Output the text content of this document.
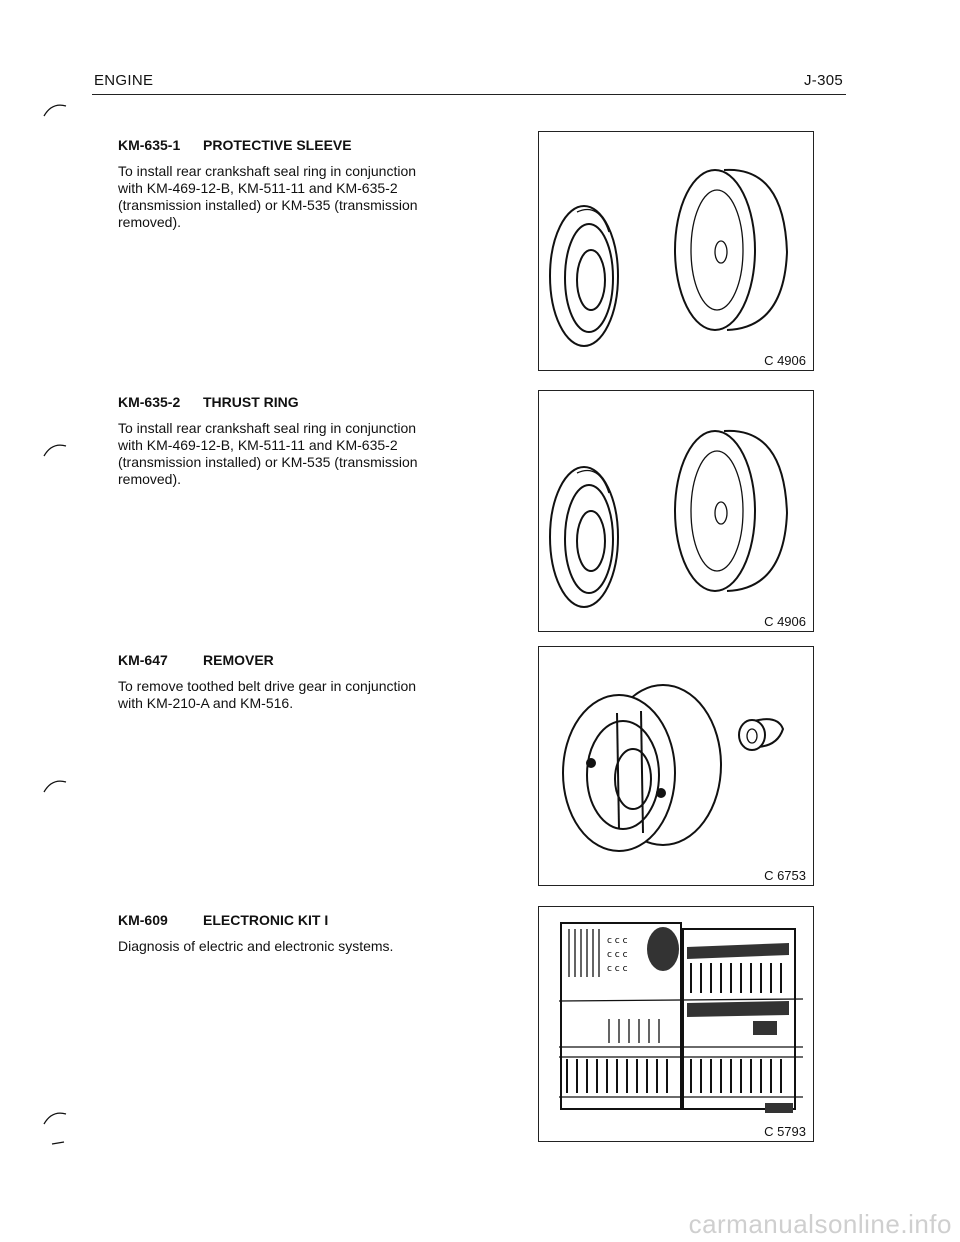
ENGINE	J-305
KM-635-1 PROTECTIVE SLEEVE
To install rear crankshaft seal ring in conjunction with KM-469-12-B, KM-511-11 and KM-635-2 (transmission installed) or KM-535 (transmission removed).
C 4906
KM-635-2 THRUST RING
To install rear crankshaft seal ring in conjunction with KM-469-12-B, KM-511-11 and KM-635-2 (transmission installed) or KM-535 (transmission removed).
C 4906
KM-647	REMOVER
To remove toothed belt drive gear in conjunction with KM-210-A and KM-516.
C 6753
KM-609	ELECTRONIC KIT I
Diagnosis of electric and electronic systems.	c c c
c c c
c c c
C 5793
carmanualsonline.info
